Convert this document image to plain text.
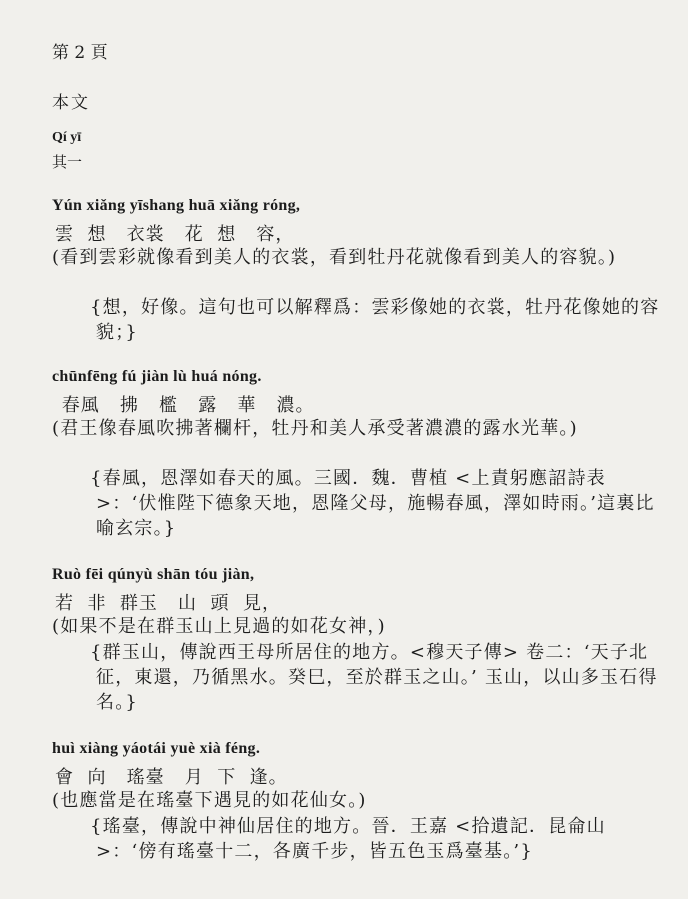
第 2 頁
本文
Qí yī
其一
Yún xiǎng yīshang huā xiǎng róng,
雲  想   衣裳   花  想   容，
(看到雲彩就像看到美人的衣裳，看到牡丹花就像看到美人的容貌。)
{想，好像。這句也可以解釋爲：雲彩像她的衣裳，牡丹花像她的容貌；}
chūnfēng fú jiàn lù huá nóng.
春風   拂   檻   露   華   濃。
(君王像春風吹拂著欄杆，牡丹和美人承受著濃濃的露水光華。)
{春風，恩澤如春天的風。三國．魏．曹植 <上責躬應詔詩表>：‘伏惟陛下德象天地，恩隆父母，施暢春風，澤如時雨。’這裏比喻玄宗。}
Ruò fēi qúnyù shān tóu jiàn,
若  非  群玉   山  頭  見，
(如果不是在群玉山上見過的如花女神，)
{群玉山，傳說西王母所居住的地方。<穆天子傳> 卷二：‘天子北征，東還，乃循黑水。癸巳，至於群玉之山。’ 玉山，以山多玉石得名。}
huì xiàng yáotái yuè xià féng.
會  向   瑤臺   月  下  逢。
(也應當是在瑤臺下遇見的如花仙女。)
{瑤臺，傳說中神仙居住的地方。晉．王嘉 <拾遺記．昆侖山>：‘傍有瑤臺十二，各廣千步，皆五色玉爲臺基。’}
